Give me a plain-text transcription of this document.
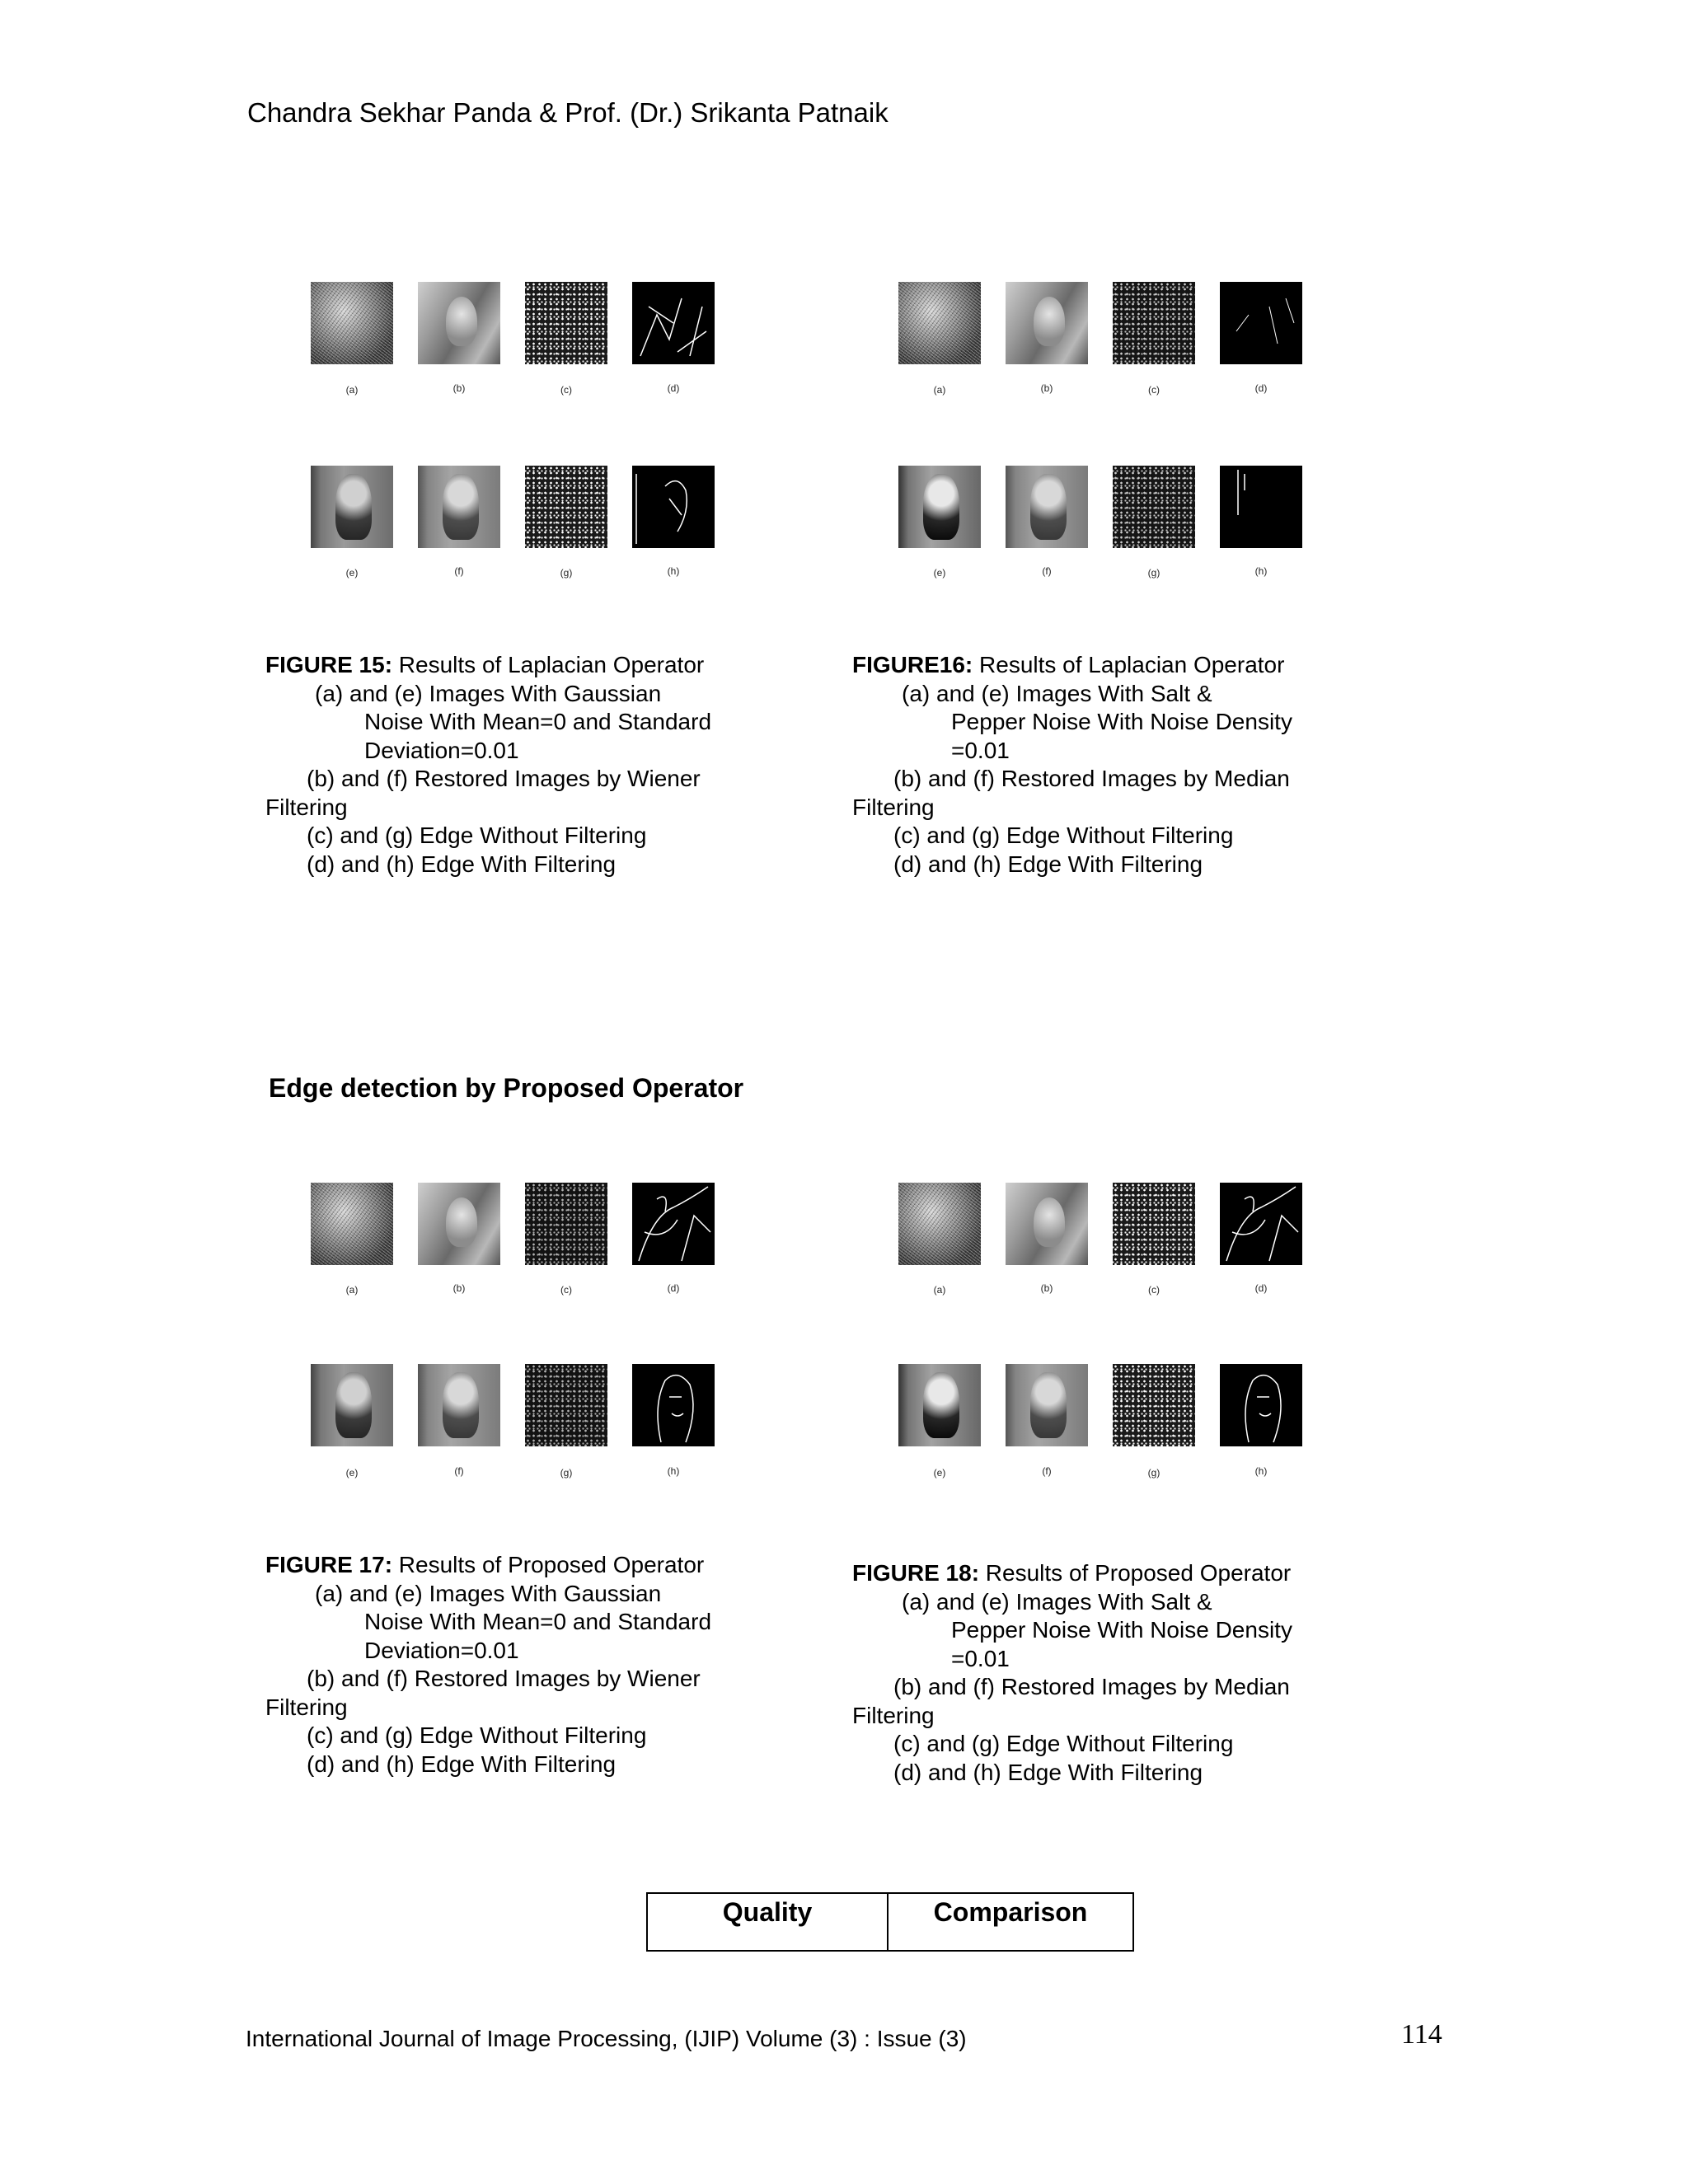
Chandra Sekhar Panda & Prof. (Dr.) Srikanta Patnaik
(a)	(b)	(c)	(d)
(e)	(f)	(g)	(h)
(a)	(b)	(c)	(d)
(e)	(f)	(g)	(h)
FIGURE 15: Results of Laplacian Operator
(a) and (e) Images With Gaussian
Noise With Mean=0 and Standard
Deviation=0.01
(b) and (f) Restored Images by Wiener
Filtering
(c) and (g) Edge Without Filtering
(d) and (h) Edge With Filtering
FIGURE16: Results of Laplacian Operator
(a) and (e) Images With Salt &
Pepper Noise With Noise Density
=0.01
(b) and (f) Restored Images by Median
Filtering
(c) and (g) Edge Without Filtering
(d) and (h) Edge With Filtering
Edge detection by Proposed Operator
(a)	(b)	(c)	(d)
(e)	(f)	(g)	(h)
(a)	(b)	(c)	(d)
(e)	(f)	(g)	(h)
FIGURE 17: Results of Proposed Operator
(a) and (e) Images With Gaussian
Noise With Mean=0 and Standard
Deviation=0.01
(b) and (f) Restored Images by Wiener
Filtering
(c) and (g) Edge Without Filtering
(d) and (h) Edge With Filtering
FIGURE 18: Results of Proposed Operator
(a) and (e) Images With Salt &
Pepper Noise With Noise Density
=0.01
(b) and (f) Restored Images by Median
Filtering
(c) and (g) Edge Without Filtering
(d) and (h) Edge With Filtering
Quality	Comparison
International Journal of Image Processing, (IJIP) Volume (3) : Issue (3)	114
